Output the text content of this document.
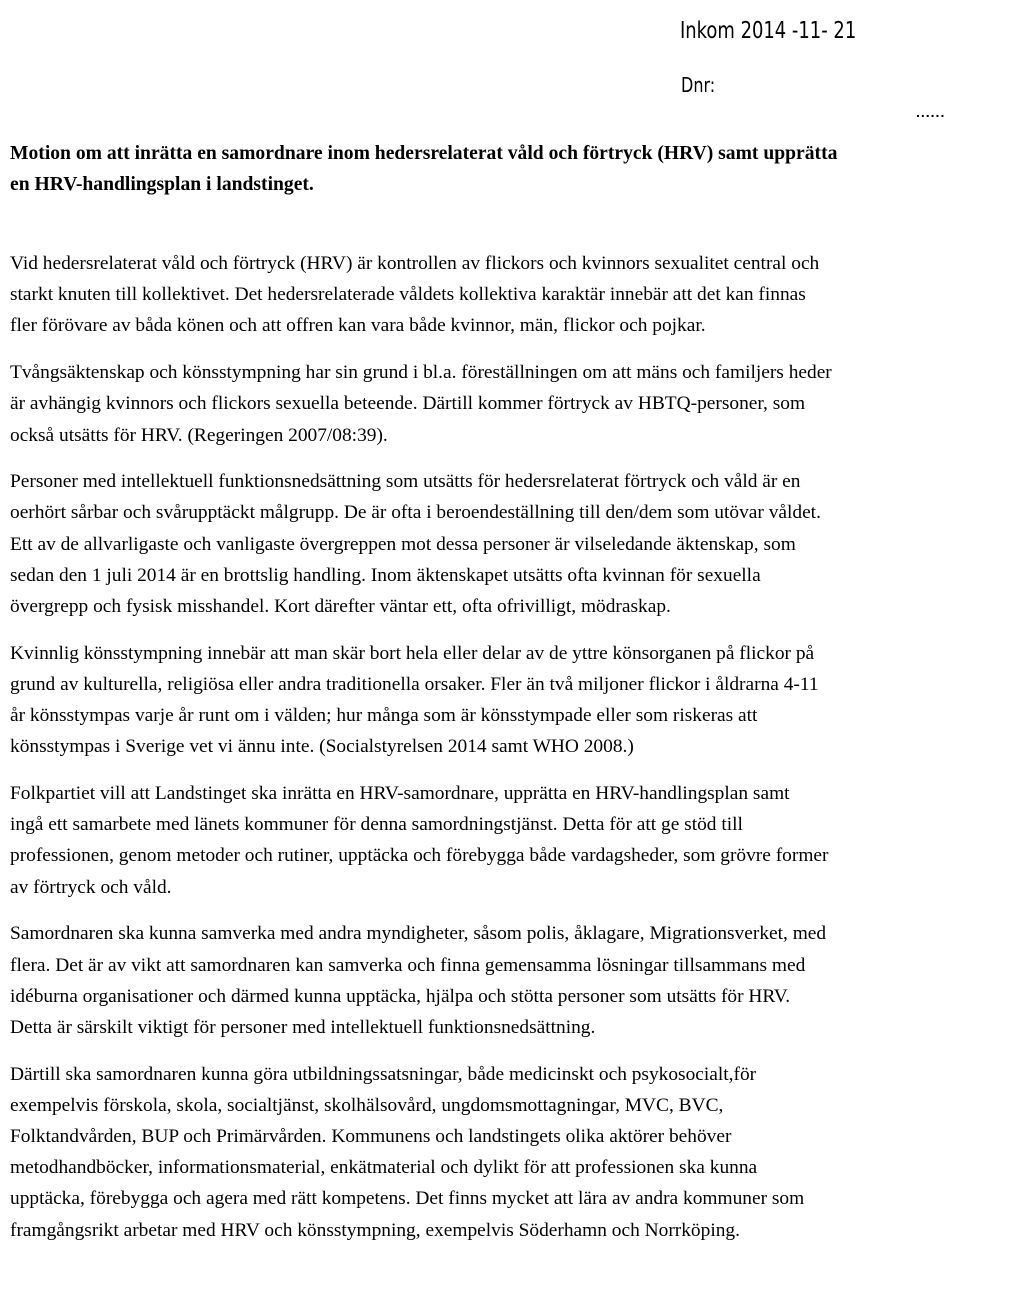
Inkom 2014 -11- 21
Dnr:
......
Motion om att inrätta en samordnare inom hedersrelaterat våld och förtryck (HRV) samt upprätta
en HRV-handlingsplan i landstinget.

Vid hedersrelaterat våld och förtryck (HRV) är kontrollen av flickors och kvinnors sexualitet central och
starkt knuten till kollektivet. Det hedersrelaterade våldets kollektiva karaktär innebär att det kan finnas
fler förövare av båda könen och att offren kan vara både kvinnor, män, flickor och pojkar.

Tvångsäktenskap och könsstympning har sin grund i bl.a. föreställningen om att mäns och familjers heder
är avhängig kvinnors och flickors sexuella beteende. Därtill kommer förtryck av HBTQ-personer, som
också utsätts för HRV. (Regeringen 2007/08:39).

Personer med intellektuell funktionsnedsättning som utsätts för hedersrelaterat förtryck och våld är en
oerhört sårbar och svårupptäckt målgrupp. De är ofta i beroendeställning till den/dem som utövar våldet.
Ett av de allvarligaste och vanligaste övergreppen mot dessa personer är vilseledande äktenskap, som
sedan den 1 juli 2014 är en brottslig handling. Inom äktenskapet utsätts ofta kvinnan för sexuella
övergrepp och fysisk misshandel. Kort därefter väntar ett, ofta ofrivilligt, mödraskap.

Kvinnlig könsstympning innebär att man skär bort hela eller delar av de yttre könsorganen på flickor på
grund av kulturella, religiösa eller andra traditionella orsaker. Fler än två miljoner flickor i åldrarna 4-11
år könsstympas varje år runt om i välden; hur många som är könsstympade eller som riskeras att
könsstympas i Sverige vet vi ännu inte. (Socialstyrelsen 2014 samt WHO 2008.)

Folkpartiet vill att Landstinget ska inrätta en HRV-samordnare, upprätta en HRV-handlingsplan samt
ingå ett samarbete med länets kommuner för denna samordningstjänst. Detta för att ge stöd till
professionen, genom metoder och rutiner, upptäcka och förebygga både vardagsheder, som grövre former
av förtryck och våld.

Samordnaren ska kunna samverka med andra myndigheter, såsom polis, åklagare, Migrationsverket, med
flera. Det är av vikt att samordnaren kan samverka och finna gemensamma lösningar tillsammans med
idéburna organisationer och därmed kunna upptäcka, hjälpa och stötta personer som utsätts för HRV.
Detta är särskilt viktigt för personer med intellektuell funktionsnedsättning.

Därtill ska samordnaren kunna göra utbildningssatsningar, både medicinskt och psykosocialt,för
exempelvis förskola, skola, socialtjänst, skolhälsovård, ungdomsmottagningar, MVC, BVC,
Folktandvården, BUP och Primärvården. Kommunens och landstingets olika aktörer behöver
metodhandböcker, informationsmaterial, enkätmaterial och dylikt för att professionen ska kunna
upptäcka, förebygga och agera med rätt kompetens. Det finns mycket att lära av andra kommuner som
framgångsrikt arbetar med HRV och könsstympning, exempelvis Söderhamn och Norrköping.
